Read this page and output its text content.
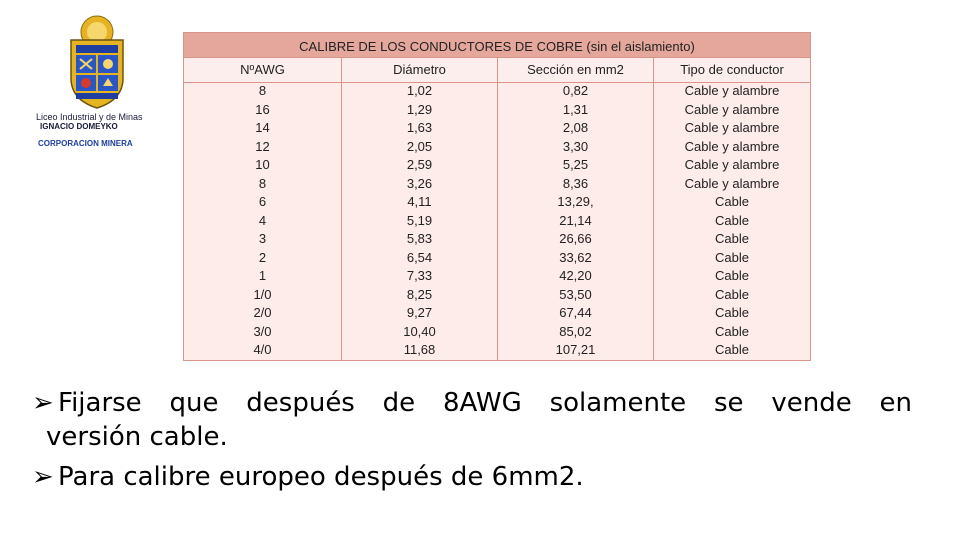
Liceo Industrial y de Minas
IGNACIO DOMEYKO
CORPORACION MINERA
CALIBRE DE LOS CONDUCTORES DE COBRE (sin el aislamiento)
NºAWG	Diámetro	Sección en mm2	Tipo de conductor
8	1,02	0,82	Cable y alambre
16	1,29	1,31	Cable y alambre
14	1,63	2,08	Cable y alambre
12	2,05	3,30	Cable y alambre
10	2,59	5,25	Cable y alambre
8	3,26	8,36	Cable y alambre
6	4,11	13,29,	Cable
4	5,19	21,14	Cable
3	5,83	26,66	Cable
2	6,54	33,62	Cable
1	7,33	42,20	Cable
1/0	8,25	53,50	Cable
2/0	9,27	67,44	Cable
3/0	10,40	85,02	Cable
4/0	11,68	107,21	Cable
➢ Fijarse que después de 8AWG solamente se vende en
versión cable.
➢ Para calibre europeo después de 6mm2.
